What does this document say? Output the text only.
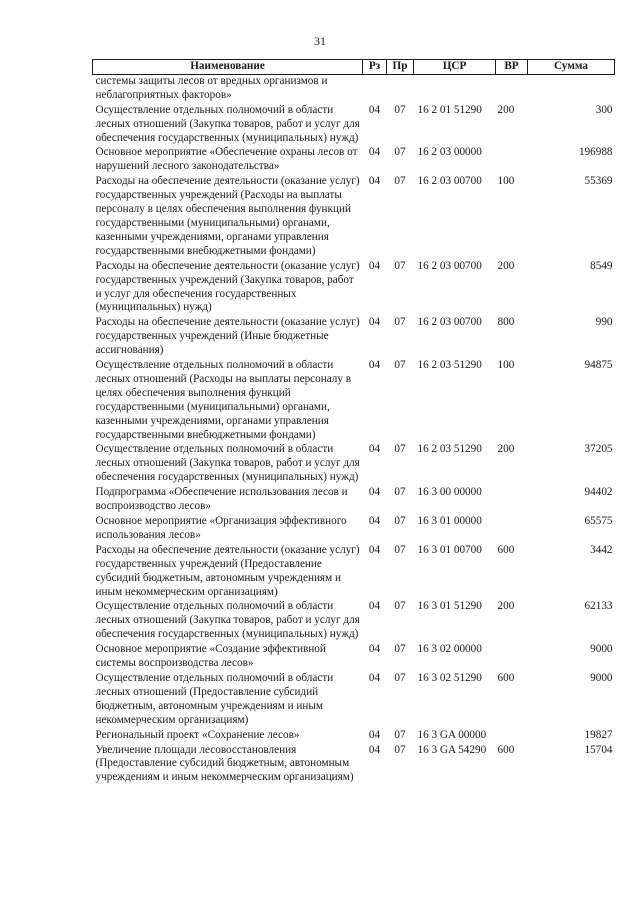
31
Наименование	Рз	Пр	ЦСР	ВР	Сумма
системы защиты лесов от вредных организмов и неблагоприятных факторов»					
Осуществление отдельных полномочий в области лесных отношений (Закупка товаров, работ и услуг для обеспечения государственных (муниципальных) нужд)	04	07	16 2 01 51290	200	300
Основное мероприятие «Обеспечение охраны лесов от нарушений лесного законодательства»	04	07	16 2 03 00000		196988
Расходы на обеспечение деятельности (оказание услуг) государственных учреждений (Расходы на выплаты персоналу в целях обеспечения выполнения функций государственными (муниципальными) органами, казенными учреждениями, органами управления государственными внебюджетными фондами)	04	07	16 2 03 00700	100	55369
Расходы на обеспечение деятельности (оказание услуг) государственных учреждений (Закупка товаров, работ и услуг для обеспечения государственных (муниципальных) нужд)	04	07	16 2 03 00700	200	8549
Расходы на обеспечение деятельности (оказание услуг) государственных учреждений (Иные бюджетные ассигнования)	04	07	16 2 03 00700	800	990
Осуществление отдельных полномочий в области лесных отношений (Расходы на выплаты персоналу в целях обеспечения выполнения функций государственными (муниципальными) органами, казенными учреждениями, органами управления государственными внебюджетными фондами)	04	07	16 2 03 51290	100	94875
Осуществление отдельных полномочий в области лесных отношений (Закупка товаров, работ и услуг для обеспечения государственных (муниципальных) нужд)	04	07	16 2 03 51290	200	37205
Подпрограмма «Обеспечение использования лесов и воспроизводство лесов»	04	07	16 3 00 00000		94402
Основное мероприятие «Организация эффективного использования лесов»	04	07	16 3 01 00000		65575
Расходы на обеспечение деятельности (оказание услуг) государственных учреждений (Предоставление субсидий бюджетным, автономным учреждениям и иным некоммерческим организациям)	04	07	16 3 01 00700	600	3442
Осуществление отдельных полномочий в области лесных отношений (Закупка товаров, работ и услуг для обеспечения государственных (муниципальных) нужд)	04	07	16 3 01 51290	200	62133
Основное мероприятие «Создание эффективной системы воспроизводства лесов»	04	07	16 3 02 00000		9000
Осуществление отдельных полномочий в области лесных отношений (Предоставление субсидий бюджетным, автономным учреждениям и иным некоммерческим организациям)	04	07	16 3 02 51290	600	9000
Региональный проект «Сохранение лесов»	04	07	16 3 GA 00000		19827
Увеличение площади лесовосстановления (Предоставление субсидий бюджетным, автономным учреждениям и иным некоммерческим организациям)	04	07	16 3 GA 54290	600	15704
